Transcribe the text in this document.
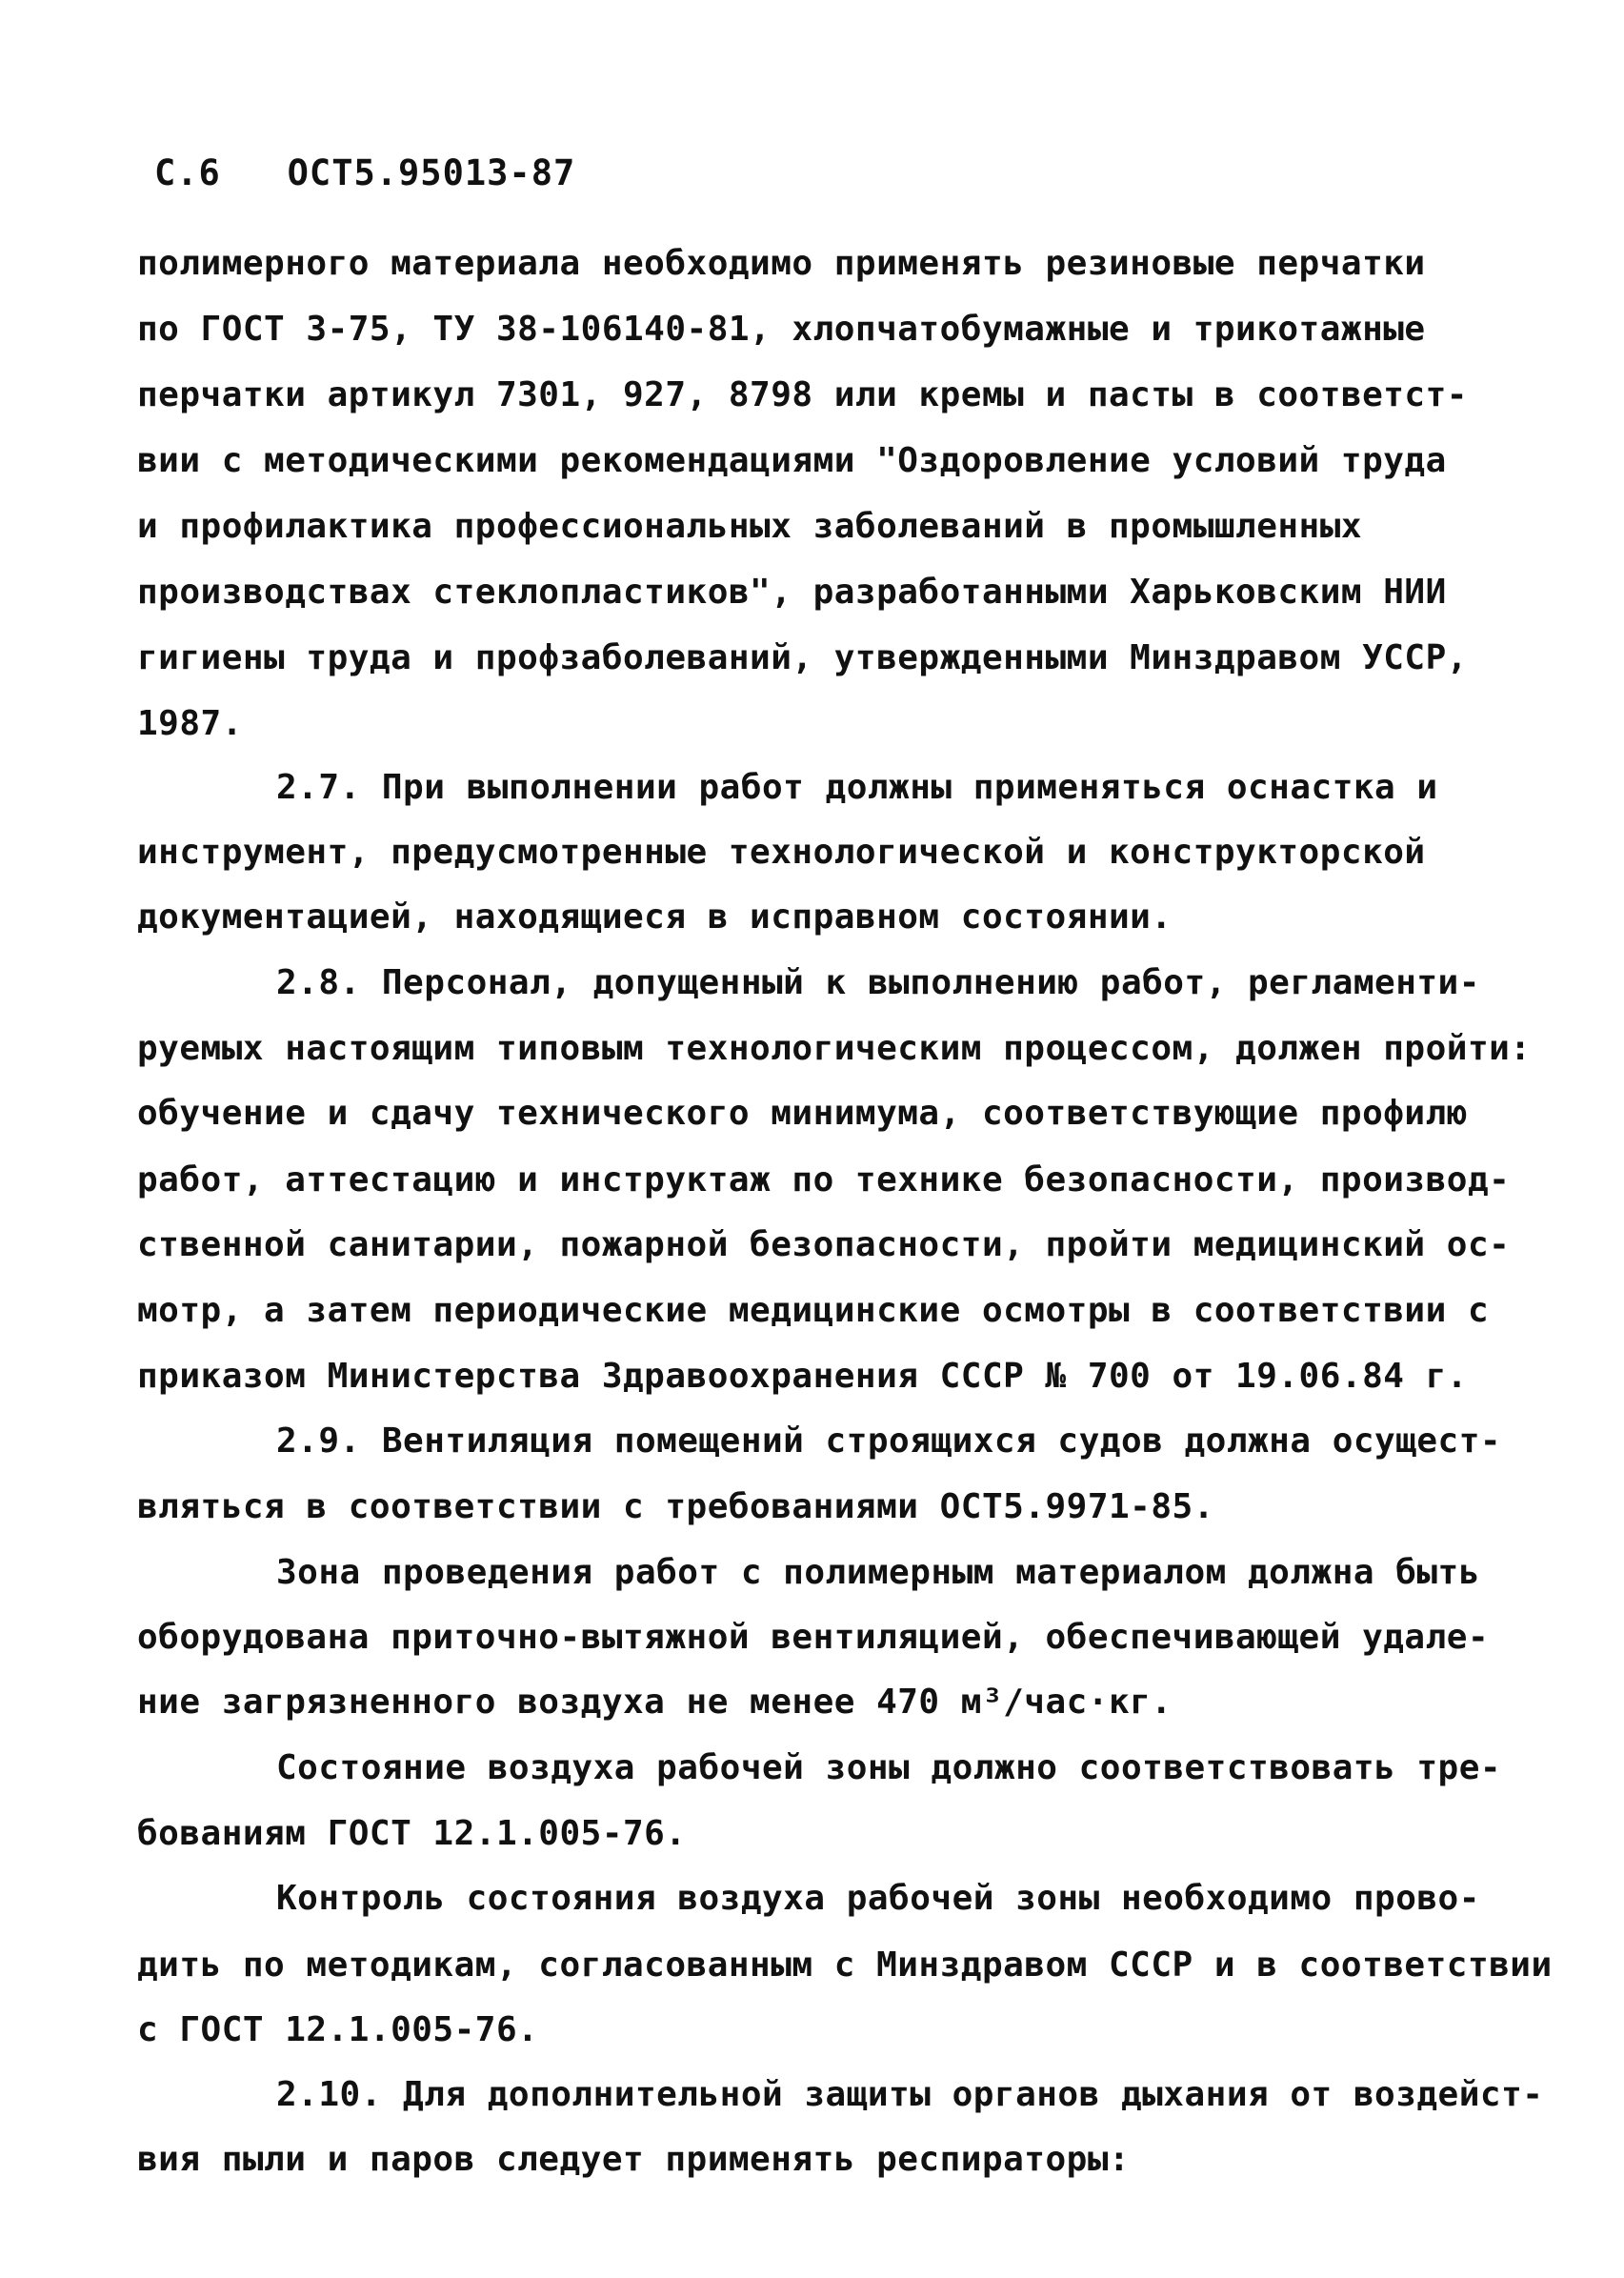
С.6 ОСТ5.95013-87
полимерного материала необходимо применять резиновые перчатки
по ГОСТ 3-75, ТУ 38-106140-81, хлопчатобумажные и трикотажные
перчатки артикул 7301, 927, 8798 или кремы и пасты в соответст-
вии с методическими рекомендациями "Оздоровление условий труда
и профилактика профессиональных заболеваний в промышленных
производствах стеклопластиков", разработанными Харьковским НИИ
гигиены труда и профзаболеваний, утвержденными Минздравом УССР,
1987.
2.7. При выполнении работ должны применяться оснастка и
инструмент, предусмотренные технологической и конструкторской
документацией, находящиеся в исправном состоянии.
2.8. Персонал, допущенный к выполнению работ, регламенти-
руемых настоящим типовым технологическим процессом, должен пройти:
обучение и сдачу технического минимума, соответствующие профилю
работ, аттестацию и инструктаж по технике безопасности, производ-
ственной санитарии, пожарной безопасности, пройти медицинский ос-
мотр, а затем периодические медицинские осмотры в соответствии с
приказом Министерства Здравоохранения СССР № 700 от 19.06.84 г.
2.9. Вентиляция помещений строящихся судов должна осущест-
вляться в соответствии с требованиями ОСТ5.9971-85.
Зона проведения работ с полимерным материалом должна быть
оборудована приточно-вытяжной вентиляцией, обеспечивающей удале-
ние загрязненного воздуха не менее 470 м³/час·кг.
Состояние воздуха рабочей зоны должно соответствовать тре-
бованиям ГОСТ 12.1.005-76.
Контроль состояния воздуха рабочей зоны необходимо прово-
дить по методикам, согласованным с Минздравом СССР и в соответствии
с ГОСТ 12.1.005-76.
2.10. Для дополнительной защиты органов дыхания от воздейст-
вия пыли и паров следует применять респираторы:
